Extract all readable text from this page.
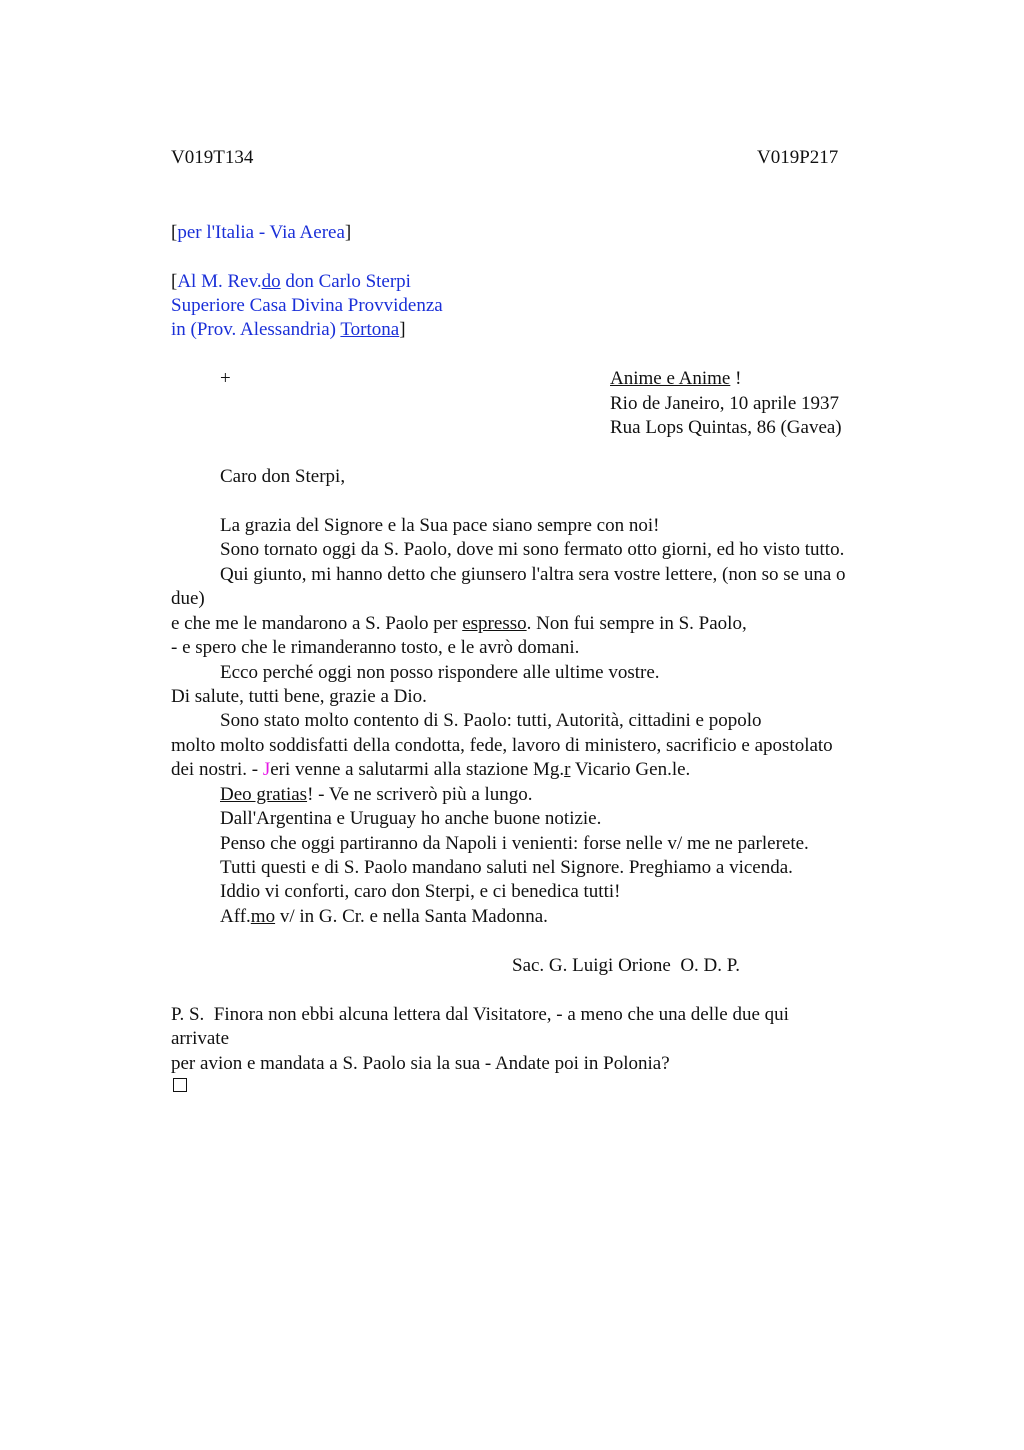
V019T134	V019P217
[per l'Italia - Via Aerea]
[Al M. Rev.do don Carlo Sterpi
Superiore Casa Divina Provvidenza
in (Prov. Alessandria) Tortona]
+	Anime e Anime !
Rio de Janeiro, 10 aprile 1937
Rua Lops Quintas, 86 (Gavea)
Caro don Sterpi,
La grazia del Signore e la Sua pace siano sempre con noi!
Sono tornato oggi da S. Paolo, dove mi sono fermato otto giorni, ed ho visto tutto.
Qui giunto, mi hanno detto che giunsero l'altra sera vostre lettere, (non so se una o
due)
e che me le mandarono a S. Paolo per espresso. Non fui sempre in S. Paolo,
- e spero che le rimanderanno tosto, e le avrò domani.
Ecco perché oggi non posso rispondere alle ultime vostre.
Di salute, tutti bene, grazie a Dio.
Sono stato molto contento di S. Paolo: tutti, Autorità, cittadini e popolo
molto molto soddisfatti della condotta, fede, lavoro di ministero, sacrificio e apostolato
dei nostri. - Jeri venne a salutarmi alla stazione Mg.r Vicario Gen.le.
Deo gratias! - Ve ne scriverò più a lungo.
Dall'Argentina e Uruguay ho anche buone notizie.
Penso che oggi partiranno da Napoli i venienti: forse nelle v/ me ne parlerete.
Tutti questi e di S. Paolo mandano saluti nel Signore. Preghiamo a vicenda.
Iddio vi conforti, caro don Sterpi, e ci benedica tutti!
Aff.mo v/ in G. Cr. e nella Santa Madonna.
Sac. G. Luigi Orione  O. D. P.
P. S.  Finora non ebbi alcuna lettera dal Visitatore, - a meno che una delle due qui
arrivate
per avion e mandata a S. Paolo sia la sua - Andate poi in Polonia?
